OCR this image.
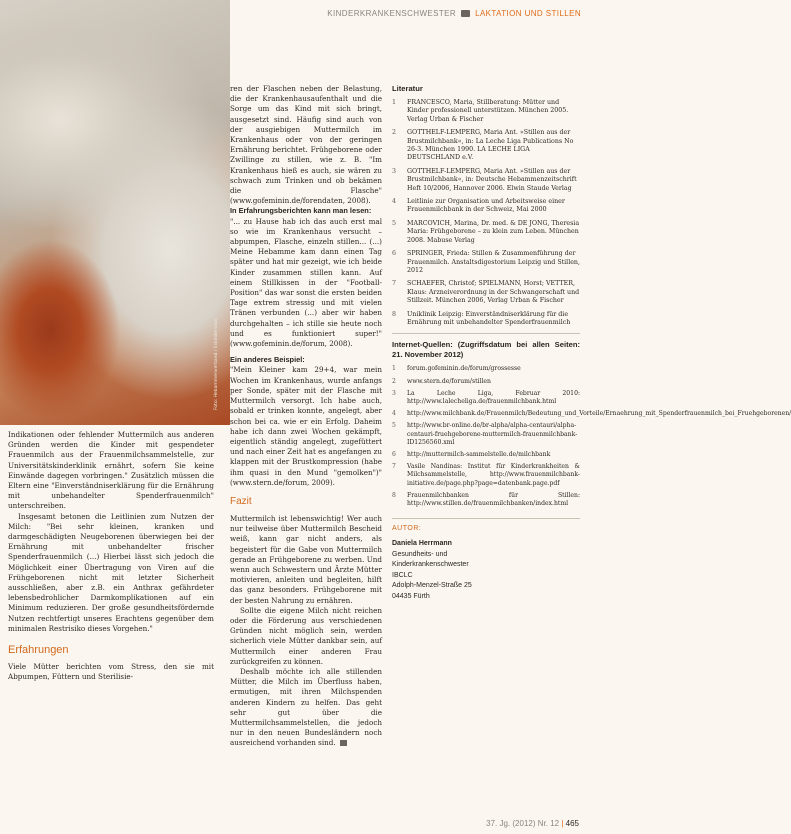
KINDERKRANKENSCHWESTER LAKTATION UND STILLEN
Foto: Hebammenverband / Eskindersson

Indikationen oder fehlender Muttermilch aus anderen Gründen werden die Kinder mit gespendeter Frauenmilch aus der Frauenmilchsammelstelle, zur Universitätskinderklinik ernährt, sofern Sie keine Einwände dagegen vorbringen." Zusätzlich müssen die Eltern eine "Einverständniserklärung für die Ernährung mit unbehandelter Spenderfrauenmilch" unterschreiben.

Insgesamt betonen die Leitlinien zum Nutzen der Milch: "Bei sehr kleinen, kranken und darmgeschädigten Neugeborenen überwiegen bei der Ernährung mit unbehandelter frischer Spenderfrauenmilch (...) Hierbei lässt sich jedoch die Möglichkeit einer Übertragung von Viren auf die Frühgeborenen nicht mit letzter Sicherheit ausschließen, aber z.B. ein Anthrax gefährdeter lebensbedrohlicher Darmkomplikationen auf ein Minimum reduzieren. Der große gesundheitsfördernde Nutzen rechtfertigt unseres Erachtens gegenüber dem minimalen Restrisiko dieses Vorgehen."

Erfahrungen

Viele Mütter berichten vom Stress, den sie mit Abpumpen, Füttern und Sterilisie-

ren der Flaschen neben der Belastung, die der Krankenhausaufenthalt und die Sorge um das Kind mit sich bringt, ausgesetzt sind. Häufig sind auch von der ausgiebigen Muttermilch im Krankenhaus oder von der geringen Ernährung berichtet. Frühgeborene oder Zwillinge zu stillen, wie z. B. "Im Krankenhaus hieß es auch, sie wären zu schwach zum Trinken und ob bekämen die Flasche" (www.gofeminin.de/forendaten, 2008).

In Erfahrungsberichten kann man lesen:

"... zu Hause hab ich das auch erst mal so wie im Krankenhaus versucht – abpumpen, Flasche, einzeln stillen... (...) Meine Hebamme kam dann einen Tag später und hat mir gezeigt, wie ich beide Kinder zusammen stillen kann. Auf einem Stillkissen in der "Football-Position" das war sonst die ersten beiden Tage extrem stressig und mit vielen Tränen verbunden (...) aber wir haben durchgehalten – ich stille sie heute noch und es funktioniert super!" (www.gofeminin.de/forum, 2008).

Ein anderes Beispiel:

"Mein Kleiner kam 29+4, war mein Wochen im Krankenhaus, wurde anfangs per Sonde, später mit der Flasche mit Muttermilch versorgt. Ich habe auch, sobald er trinken konnte, angelegt, aber schon bei ca. wie er ein Erfolg. Daheim habe ich dann zwei Wochen gekämpft, eigentlich ständig angelegt, zugefüttert und nach einer Zeit hat es angefangen zu klappen mit der Brustkompression (habe ihm quasi in den Mund "gemolken")" (www.stern.de/forum, 2009).

Fazit

Muttermilch ist lebenswichtig! Wer auch nur teilweise über Muttermilch Bescheid weiß, kann gar nicht anders, als begeistert für die Gabe von Muttermilch gerade an Frühgeborene zu werben. Und wenn auch Schwestern und Ärzte Mütter motivieren, anleiten und begleiten, hilft das ganz besonders. Frühgeborene mit der besten Nahrung zu ernähren.

Sollte die eigene Milch nicht reichen oder die Förderung aus verschiedenen Gründen nicht möglich sein, werden sicherlich viele Mütter dankbar sein, auf Muttermilch einer anderen Frau zurückgreifen zu können.

Deshalb möchte ich alle stillenden Mütter, die Milch im Überfluss haben, ermutigen, mit ihren Milchspenden anderen Kindern zu helfen. Das geht sehr gut über die Muttermilchsammelstellen, die jedoch nur in den neuen Bundesländern noch ausreichend vorhanden sind.

Literatur
1	FRANCESCO, Maria, Stillberatung: Mütter und Kinder professionell unterstützen. München 2005. Verlag Urban & Fischer
2	GOTTHELF-LEMPERG, Maria Ant. »Stillen aus der Brustmilchbank«, in: La Leche Liga Publications No 26-3. München 1990. LA LECHE LIGA DEUTSCHLAND e.V.
3	GOTTHELF-LEMPERG, Maria Ant. »Stillen aus der Brustmilchbank«, in: Deutsche Hebammenzeitschrift Heft 10/2006, Hannover 2006. Elwin Staude Verlag
4	Leitlinie zur Organisation und Arbeitsweise einer Frauenmilchbank in der Schweiz, Mai 2000
5	MARCOVICH, Marina, Dr. med. & DE JONG, Theresia Maria: Frühgeborene – zu klein zum Leben. München 2008. Mabuse Verlag
6	SPRINGER, Frieda: Stillen & Zusammenführung der Frauenmilch. Anstaltsdigestorium Leipzig und Stillen, 2012
7	SCHAEFER, Christof; SPIELMANN, Horst; VETTER, Klaus: Arzneiverordnung in der Schwangerschaft und Stillzeit. München 2006, Verlag Urban & Fischer
8	Uniklinik Leipzig: Einverständniserklärung für die Ernährung mit unbehandelter Spenderfrauenmilch
Internet-Quellen: (Zugriffsdatum bei allen Seiten: 21. November 2012)
1	forum.gofeminin.de/forum/grossesse
2	www.stern.de/forum/stillen
3	La Leche Liga, Februar 2010: http://www.lalecheliga.de/frauenmilchbank.html
4	http://www.milchbank.de/Frauenmilch/Bedeutung_und_Vorteile/Ernaehrung_mit_Spenderfrauenmilch_bei_Fruehgeborenen/
5	http://www.br-online.de/br-alpha/alpha-centauri/alpha-centauri-fruehgeborene-muttermilch-frauenmilchbank-ID1256560.xml
6	http://muttermilch-sammelstelle.de/milchbank
7	Vasile Nandinas: Institut für Kinderkrankheiten & Milchsammelstelle, http://www.frauenmilchbank-initiative.de/page.php?page=datenbank.page.pdf
8	Frauenmilchbanken für Stillen: http://www.stillen.de/frauenmilchbanken/index.html
AUTOR:
Daniela Herrmann
Gesundheits- und
Kinderkrankenschwester
IBCLC
Adolph-Menzel-Straße 25
04435 Fürth
37. Jg. (2012) Nr. 12 | 465
